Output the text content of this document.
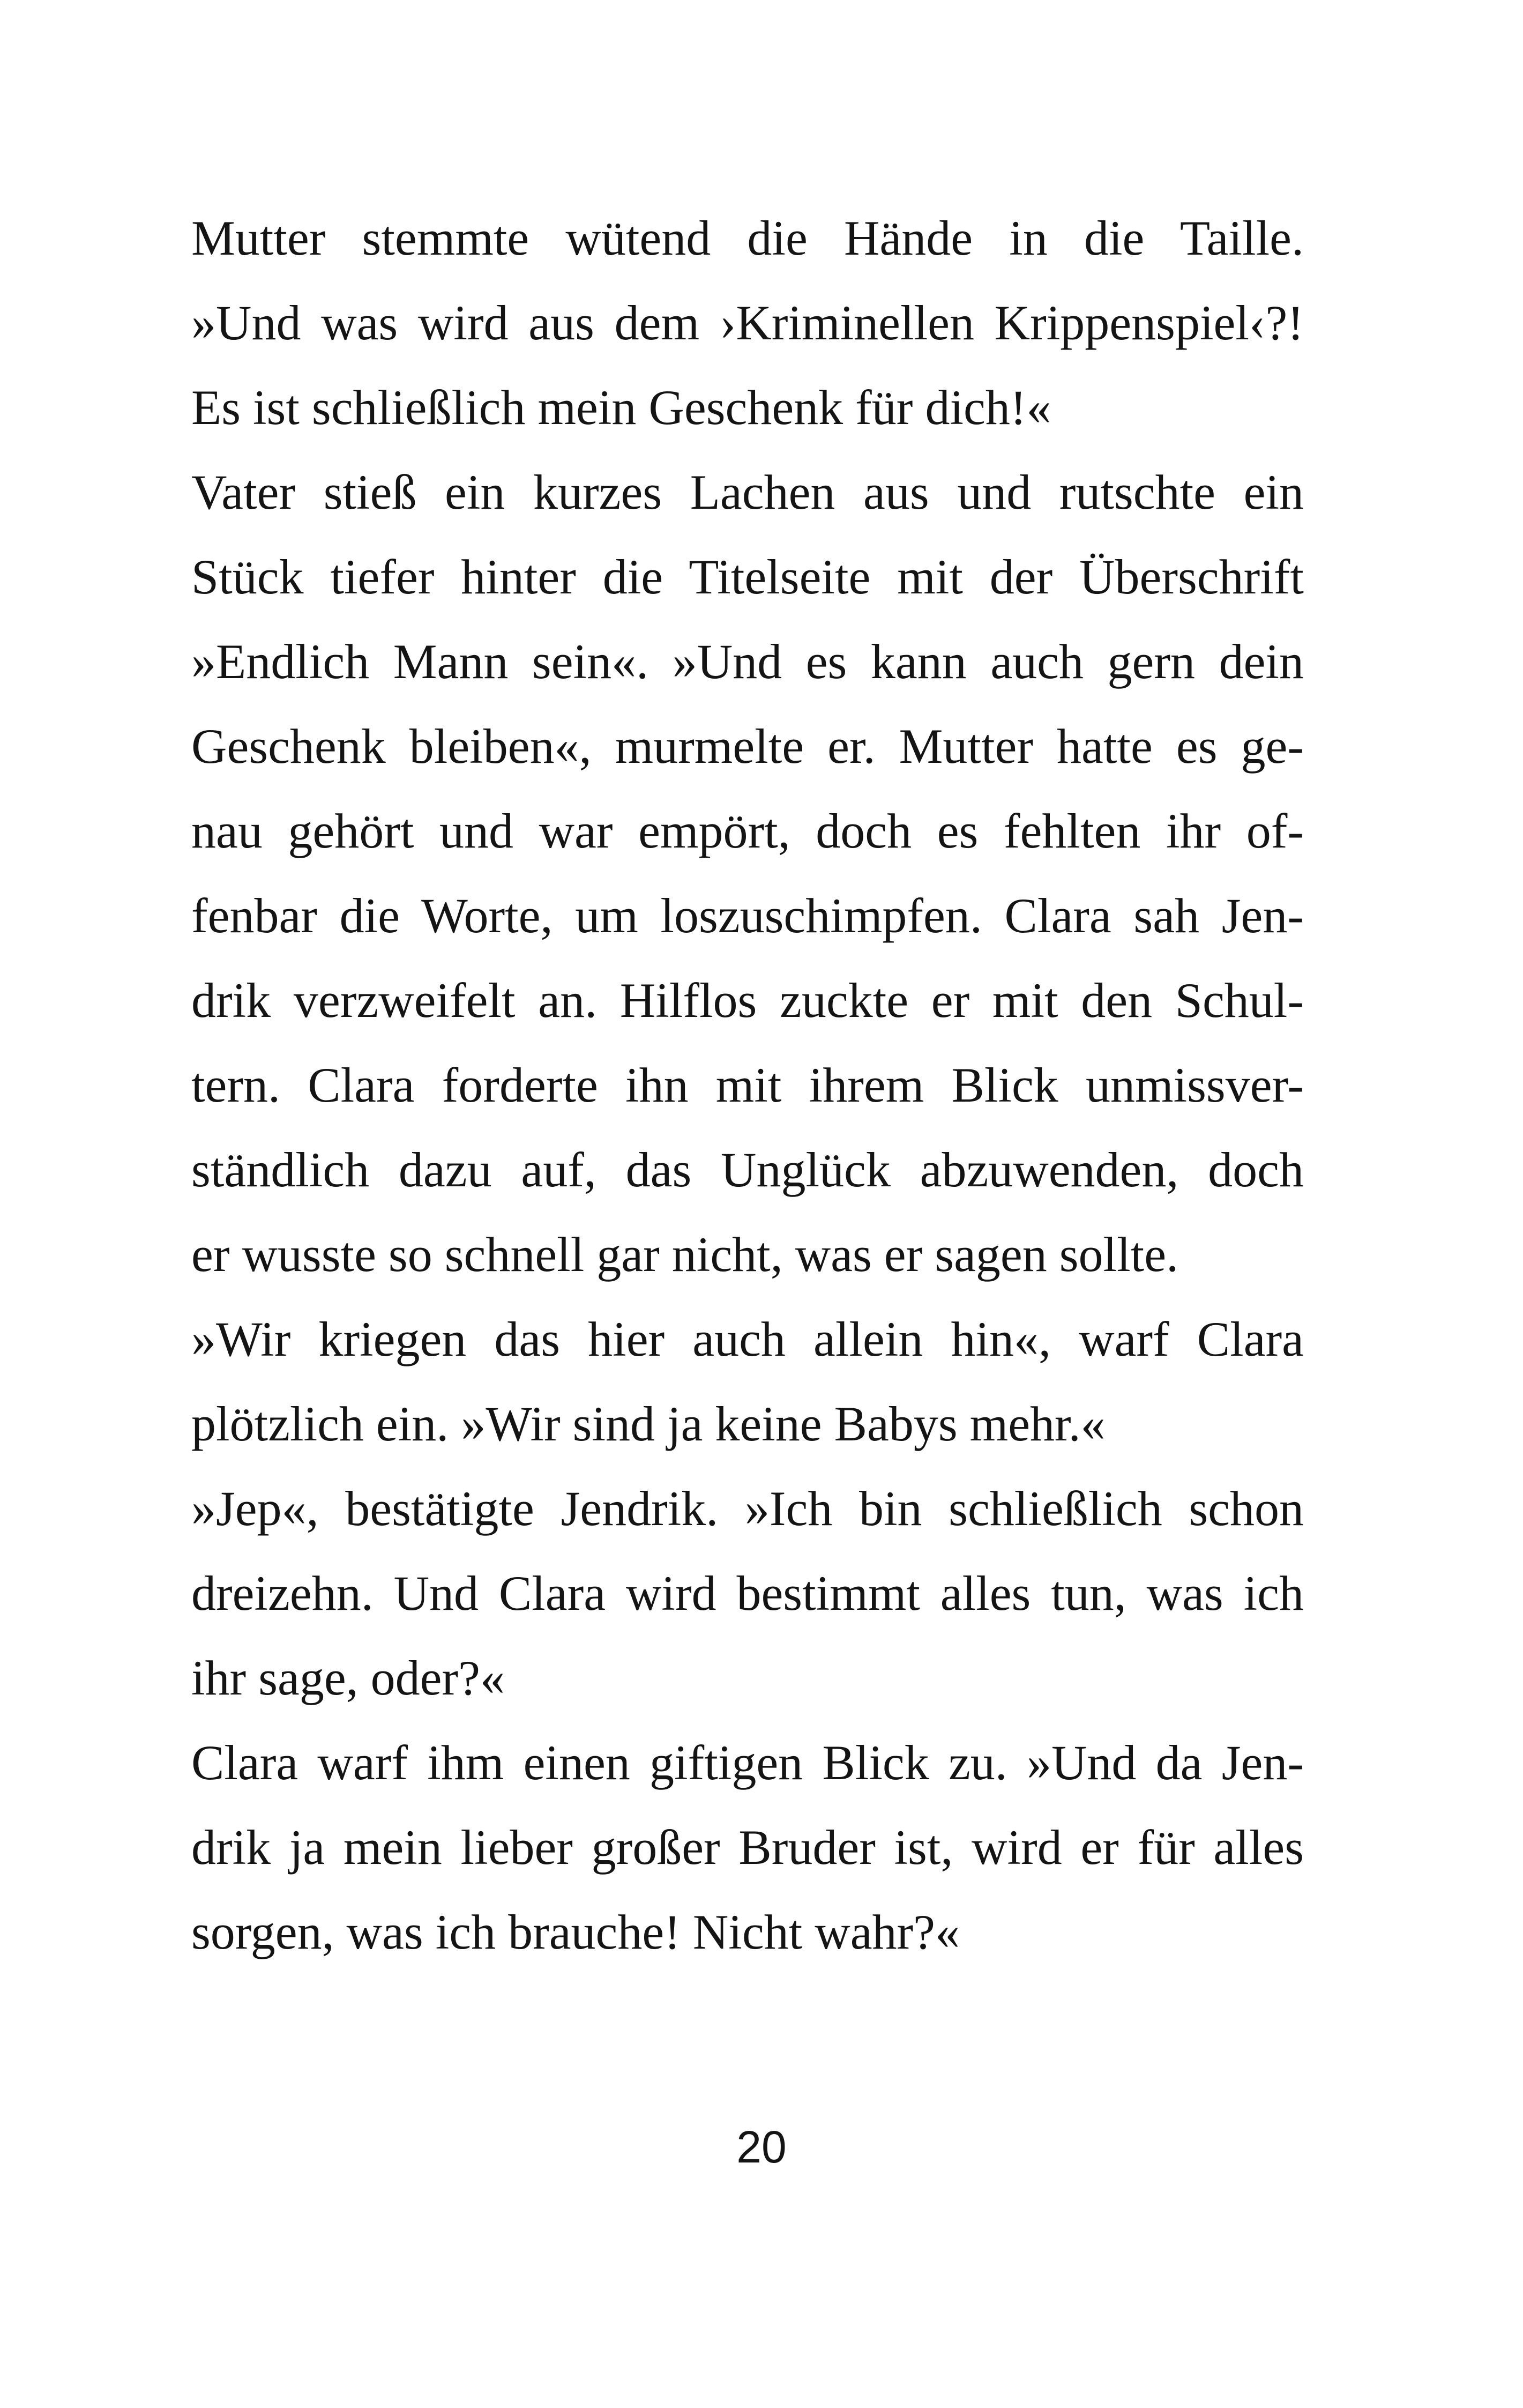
Mutter stemmte wütend die Hände in die Taille.
»Und was wird aus dem ›Kriminellen Krippenspiel‹?!
Es ist schließlich mein Geschenk für dich!«
Vater stieß ein kurzes Lachen aus und rutschte ein
Stück tiefer hinter die Titelseite mit der Überschrift
»Endlich Mann sein«. »Und es kann auch gern dein
Geschenk bleiben«, murmelte er. Mutter hatte es ge-
nau gehört und war empört, doch es fehlten ihr of-
fenbar die Worte, um loszuschimpfen. Clara sah Jen-
drik verzweifelt an. Hilflos zuckte er mit den Schul-
tern. Clara forderte ihn mit ihrem Blick unmissver-
ständlich dazu auf, das Unglück abzuwenden, doch
er wusste so schnell gar nicht, was er sagen sollte.
»Wir kriegen das hier auch allein hin«, warf Clara
plötzlich ein. »Wir sind ja keine Babys mehr.«
»Jep«, bestätigte Jendrik. »Ich bin schließlich schon
dreizehn. Und Clara wird bestimmt alles tun, was ich
ihr sage, oder?«
Clara warf ihm einen giftigen Blick zu. »Und da Jen-
drik ja mein lieber großer Bruder ist, wird er für alles
sorgen, was ich brauche! Nicht wahr?«
20
